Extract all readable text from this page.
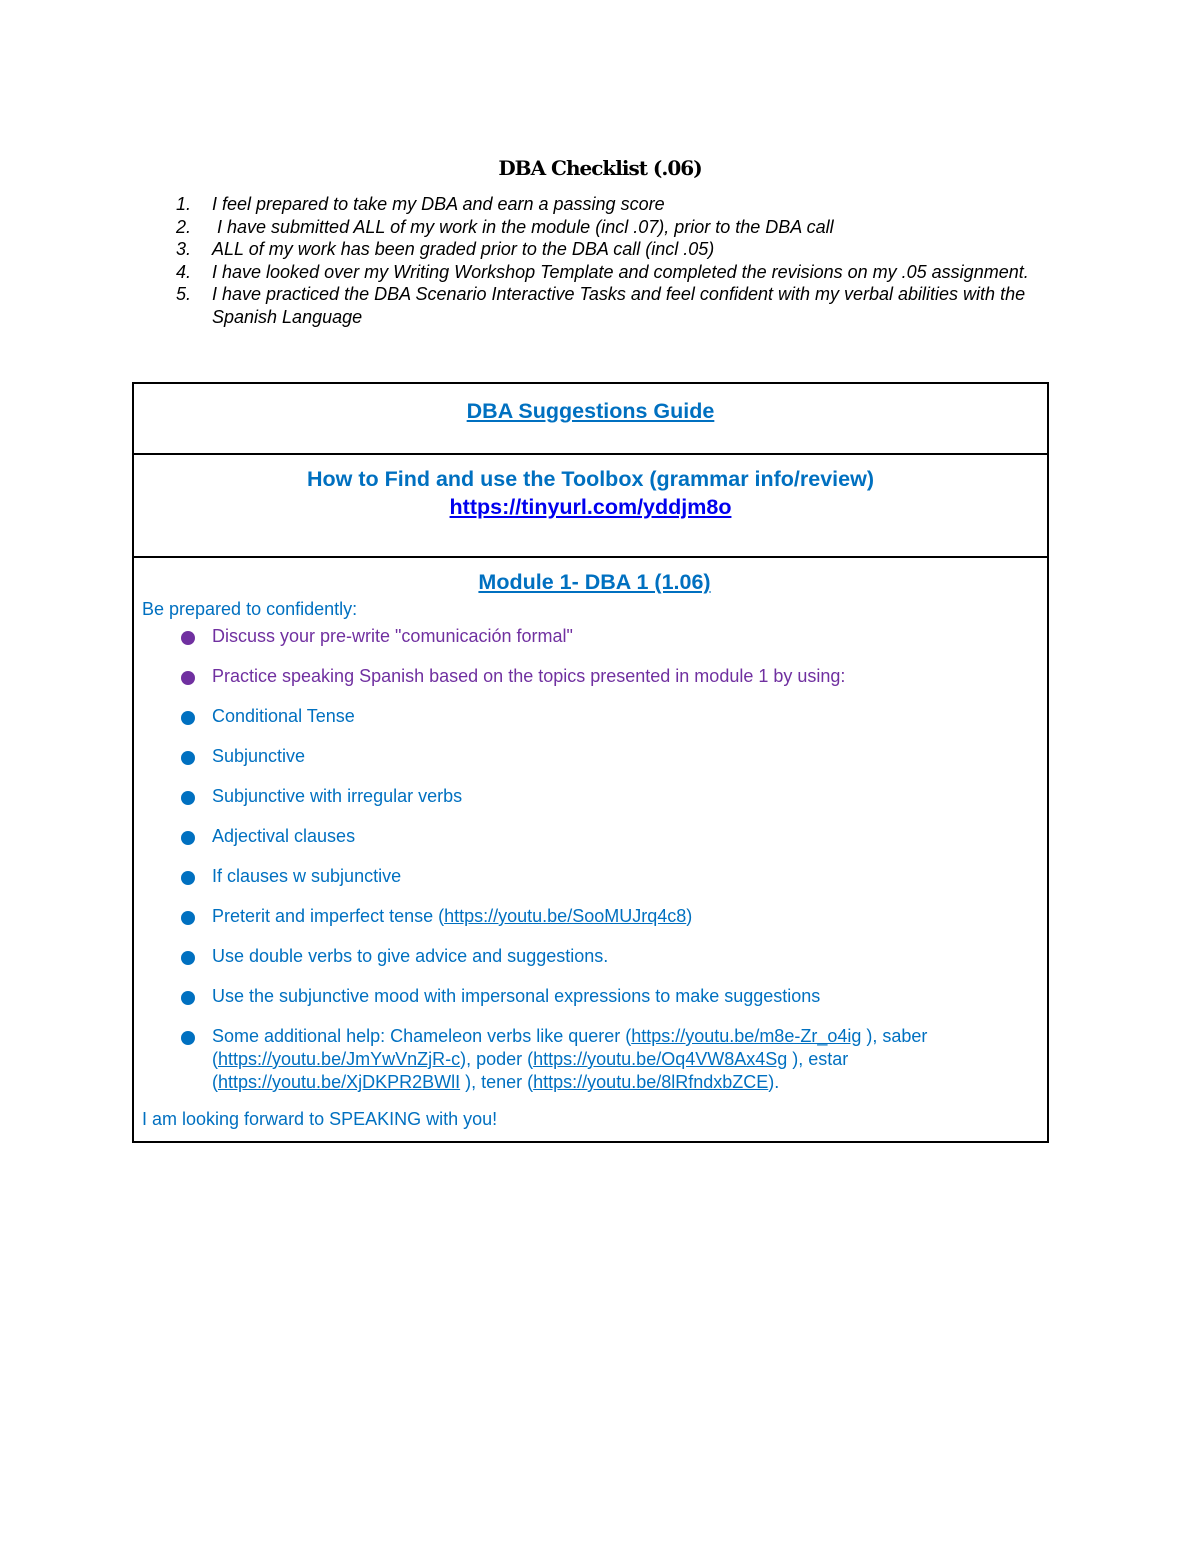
DBA Checklist (.06)
1. I feel prepared to take my DBA and earn a passing score
2. I have submitted ALL of my work in the module (incl .07), prior to the DBA call
3. ALL of my work has been graded prior to the DBA call (incl .05)
4. I have looked over my Writing Workshop Template and completed the revisions on my .05 assignment.
5. I have practiced the DBA Scenario Interactive Tasks and feel confident with my verbal abilities with the Spanish Language
DBA Suggestions Guide
How to Find and use the Toolbox (grammar info/review)
https://tinyurl.com/yddjm8o
Module 1- DBA 1 (1.06)
Be prepared to confidently:
Discuss your pre-write "comunicación formal"
Practice speaking Spanish based on the topics presented in module 1 by using:
Conditional Tense
Subjunctive
Subjunctive with irregular verbs
Adjectival clauses
If clauses w subjunctive
Preterit and imperfect tense (https://youtu.be/SooMUJrq4c8)
Use double verbs to give advice and suggestions.
Use the subjunctive mood with impersonal expressions to make suggestions
Some additional help: Chameleon verbs like querer (https://youtu.be/m8e-Zr_o4ig ), saber (https://youtu.be/JmYwVnZjR-c), poder (https://youtu.be/Oq4VW8Ax4Sg ), estar (https://youtu.be/XjDKPR2BWlI ), tener (https://youtu.be/8lRfndxbZCE).
I am looking forward to SPEAKING with you!
